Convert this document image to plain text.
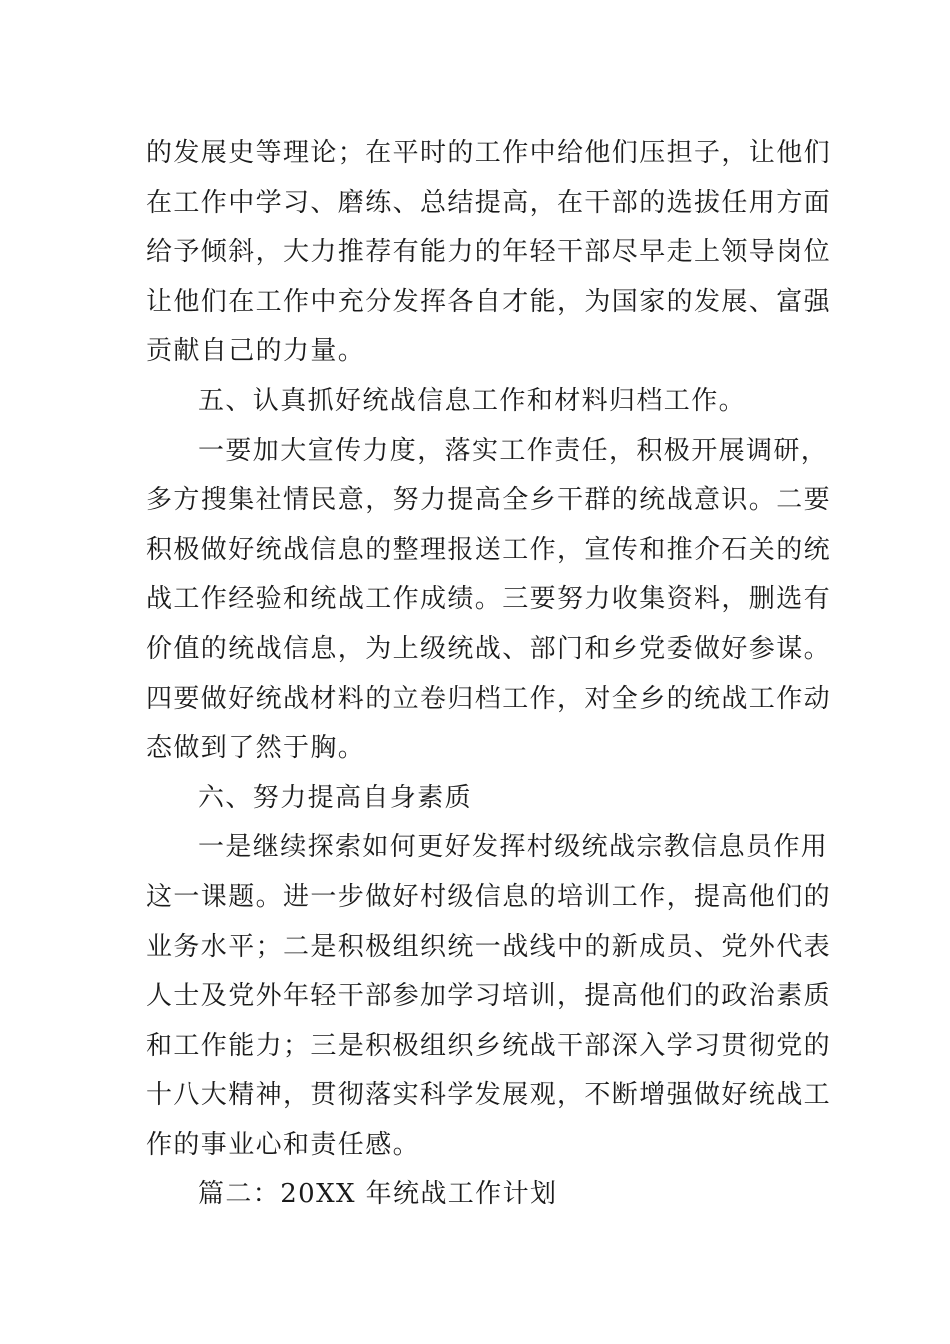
的发展史等理论；在平时的工作中给他们压担子，让他们
在工作中学习、磨练、总结提高，在干部的选拔任用方面
给予倾斜，大力推荐有能力的年轻干部尽早走上领导岗位
让他们在工作中充分发挥各自才能，为国家的发展、富强
贡献自己的力量。
五、认真抓好统战信息工作和材料归档工作。
一要加大宣传力度，落实工作责任，积极开展调研，
多方搜集社情民意，努力提高全乡干群的统战意识。二要
积极做好统战信息的整理报送工作，宣传和推介石关的统
战工作经验和统战工作成绩。三要努力收集资料，删选有
价值的统战信息，为上级统战、部门和乡党委做好参谋。
四要做好统战材料的立卷归档工作，对全乡的统战工作动
态做到了然于胸。
六、努力提高自身素质
一是继续探索如何更好发挥村级统战宗教信息员作用
这一课题。进一步做好村级信息的培训工作，提高他们的
业务水平；二是积极组织统一战线中的新成员、党外代表
人士及党外年轻干部参加学习培训，提高他们的政治素质
和工作能力；三是积极组织乡统战干部深入学习贯彻党的
十八大精神，贯彻落实科学发展观，不断增强做好统战工
作的事业心和责任感。
篇二：20XX 年统战工作计划
